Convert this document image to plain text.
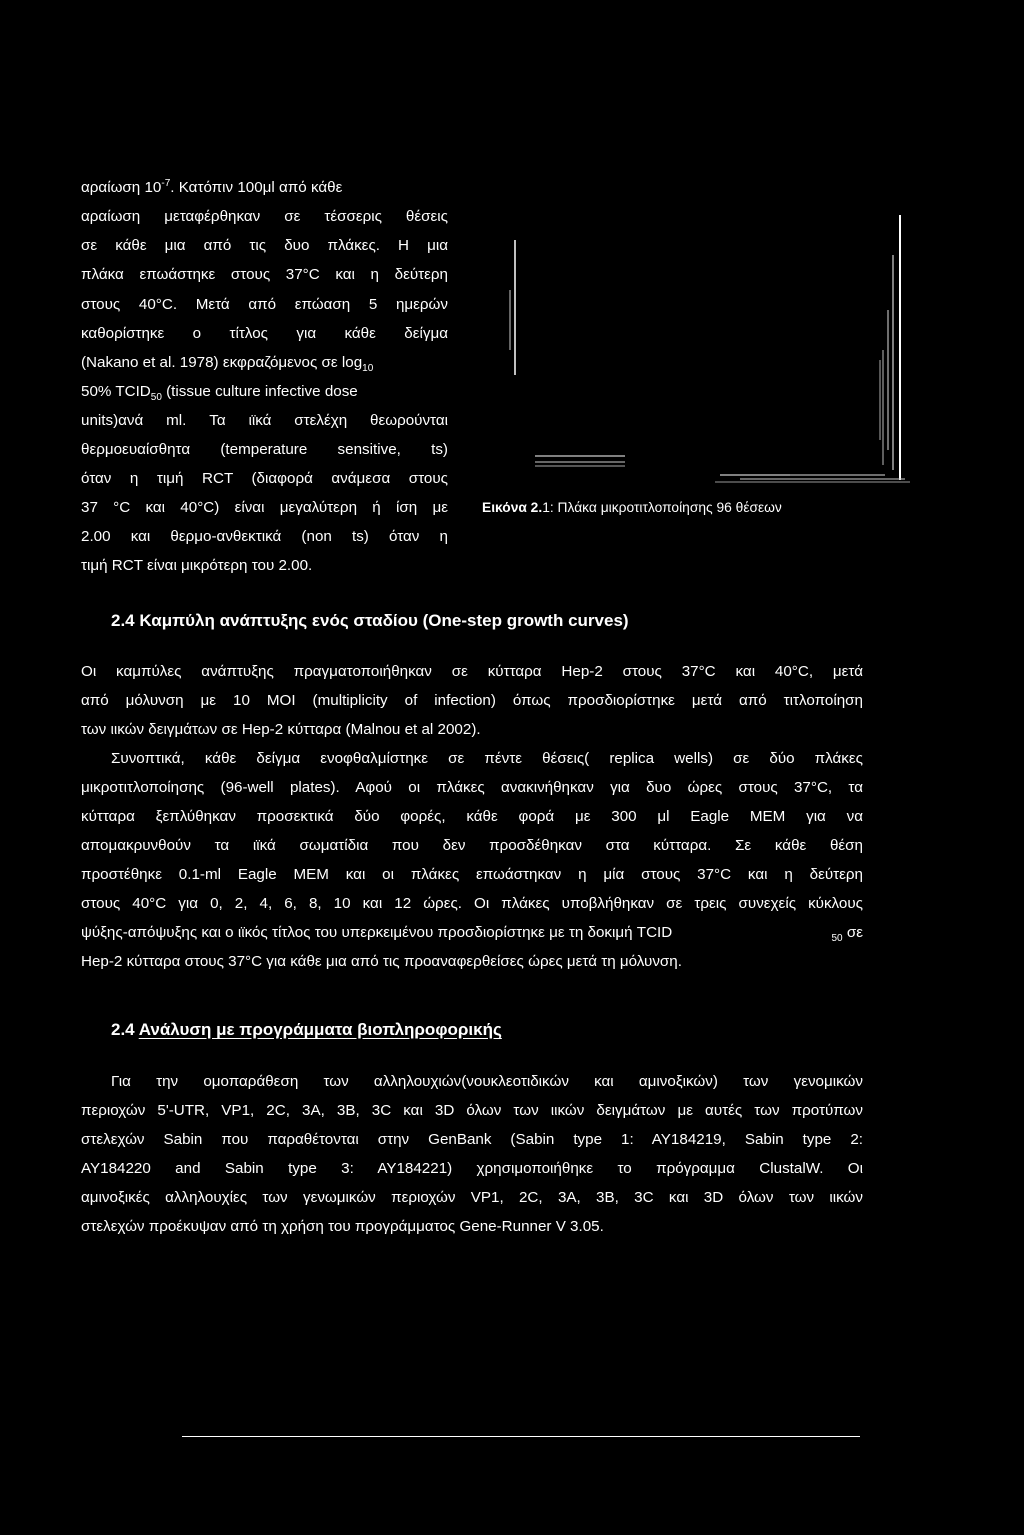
αραίωση $10^{-7}$. Κατόπιν 100μl από κάθε
αραίωση μεταφέρθηκαν σε τέσσερις θέσεις
σε κάθε μια από τις δυο πλάκες. Η μια
πλάκα επωάστηκε στους 37°C και η δεύτερη
στους 40°C. Μετά από επώαση 5 ημερών
καθορίστηκε ο τίτλος για κάθε δείγμα
(Nakano et al. 1978) εκφραζόμενος σε $\log_{10}$
50% $TCID_{50}$ (tissue culture infective dose
units)ανά ml. Τα ιϊκά στελέχη θεωρούνται
θερμοευαίσθητα (temperature sensitive, ts)
όταν η τιμή RCT (διαφορά ανάμεσα στους
37 °C και 40°C) είναι μεγαλύτερη ή ίση με
2.00 και θερμο-ανθεκτικά (non ts) όταν η
τιμή RCT είναι μικρότερη του 2.00.
Εικόνα 2.1: Πλάκα μικροτιτλοποίησης 96 θέσεων
2.4 Καμπύλη ανάπτυξης ενός σταδίου (One-step growth curves)
Οι καμπύλες ανάπτυξης πραγματοποιήθηκαν σε κύτταρα Hep-2 στους 37°C και 40°C, μετά
από μόλυνση με 10 MOI (multiplicity of infection) όπως προσδιορίστηκε μετά από τιτλοποίηση
των ιικών δειγμάτων σε Hep-2 κύτταρα (Malnou et al 2002).
Συνοπτικά, κάθε δείγμα ενοφθαλμίστηκε σε πέντε θέσεις( replica wells) σε δύο πλάκες
μικροτιτλοποίησης (96-well plates). Αφού οι πλάκες ανακινήθηκαν για δυο ώρες στους 37°C, τα
κύτταρα ξεπλύθηκαν προσεκτικά δύο φορές, κάθε φορά με 300 μl Eagle MEM για να
απομακρυνθούν τα ιϊκά σωματίδια που δεν προσδέθηκαν στα κύτταρα. Σε κάθε θέση
προστέθηκε 0.1-ml Eagle MEM και οι πλάκες επωάστηκαν η μία στους 37°C και η δεύτερη
στους 40°C για 0, 2, 4, 6, 8, 10 και 12 ώρες. Οι πλάκες υποβλήθηκαν σε τρεις συνεχείς κύκλους
ψύξης-απόψυξης και ο ιϊκός τίτλος του υπερκειμένου προσδιορίστηκε με τη δοκιμή TCID	$_{50}$ σε
Hep-2 κύτταρα στους 37°C για κάθε μια από τις προαναφερθείσες ώρες μετά τη μόλυνση.
2.4 Ανάλυση με προγράμματα βιοπληροφορικής
Για την ομοπαράθεση των αλληλουχιών(νουκλεοτιδικών και αμινοξικών) των γενομικών
περιοχών 5'-UTR, VP1, 2C, 3A, 3B, 3C και 3D όλων των ιικών δειγμάτων με αυτές των προτύπων
στελεχών Sabin που παραθέτονται στην GenBank (Sabin type 1: AY184219, Sabin type 2:
AY184220 and Sabin type 3: AY184221) χρησιμοποιήθηκε το πρόγραμμα ClustalW. Οι
αμινοξικές αλληλουχίες των γενωμικών περιοχών VP1, 2C, 3A, 3B, 3C και 3D όλων των ιικών
στελεχών προέκυψαν από τη χρήση του προγράμματος Gene-Runner V 3.05.
